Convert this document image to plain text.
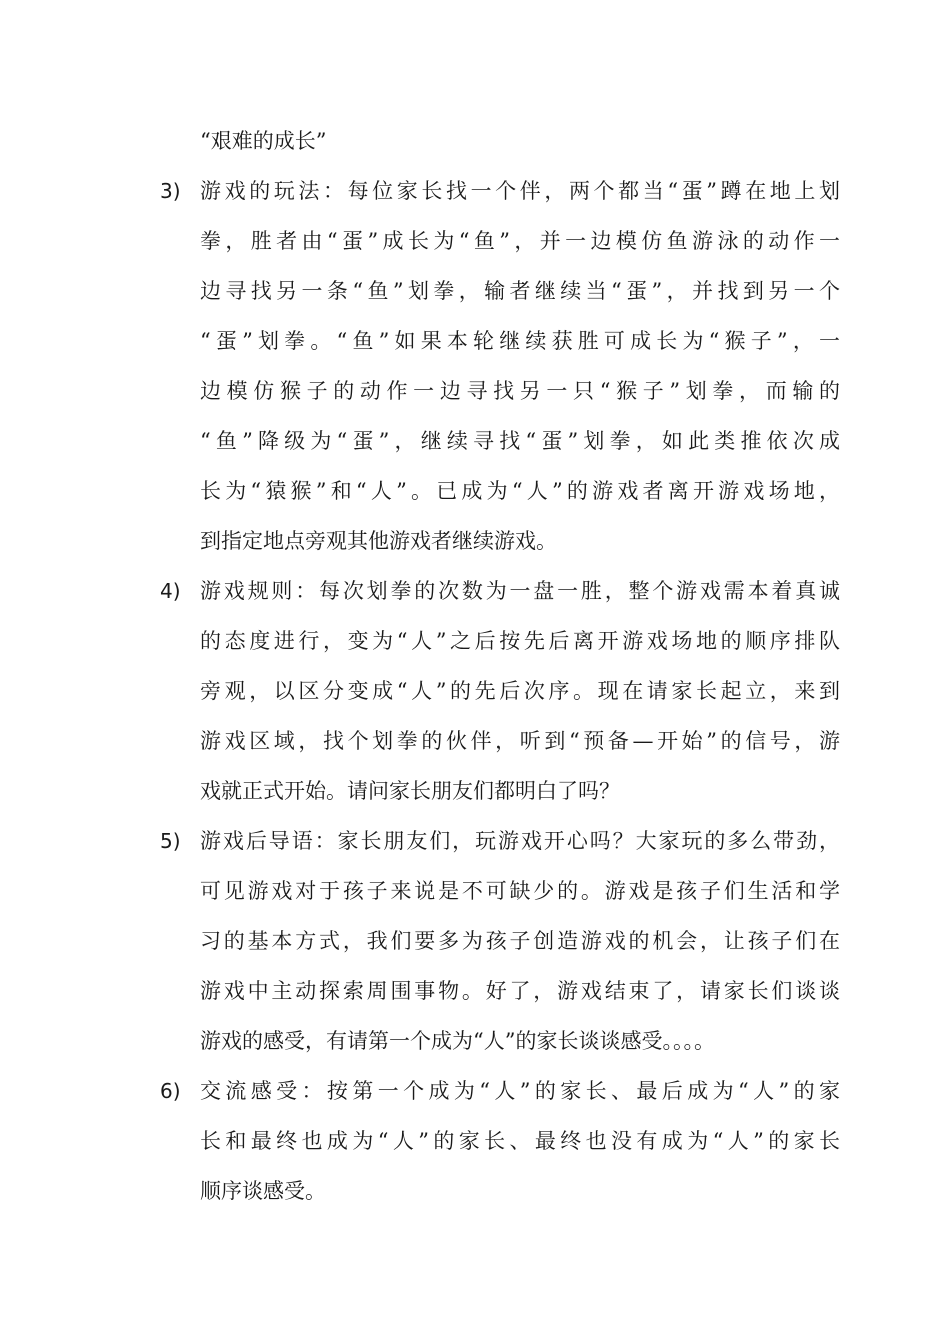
“艰难的成长”
3) 游戏的玩法：每位家长找一个伴，两个都当“蛋”蹲在地上划
拳，胜者由“蛋”成长为“鱼”，并一边模仿鱼游泳的动作一
边寻找另一条“鱼”划拳，输者继续当“蛋”，并找到另一个
“蛋”划拳。“鱼”如果本轮继续获胜可成长为“猴子”，一
边模仿猴子的动作一边寻找另一只“猴子”划拳，而输的
“鱼”降级为“蛋”，继续寻找“蛋”划拳，如此类推依次成
长为“猿猴”和“人”。已成为“人”的游戏者离开游戏场地，
到指定地点旁观其他游戏者继续游戏。
4) 游戏规则：每次划拳的次数为一盘一胜，整个游戏需本着真诚
的态度进行，变为“人”之后按先后离开游戏场地的顺序排队
旁观，以区分变成“人”的先后次序。现在请家长起立，来到
游戏区域，找个划拳的伙伴，听到“预备—开始”的信号，游
戏就正式开始。请问家长朋友们都明白了吗？
5) 游戏后导语：家长朋友们，玩游戏开心吗？大家玩的多么带劲，
可见游戏对于孩子来说是不可缺少的。游戏是孩子们生活和学
习的基本方式，我们要多为孩子创造游戏的机会，让孩子们在
游戏中主动探索周围事物。好了，游戏结束了，请家长们谈谈
游戏的感受，有请第一个成为“人”的家长谈谈感受。。。。
6) 交流感受：按第一个成为“人”的家长、最后成为“人”的家
长和最终也成为“人”的家长、最终也没有成为“人”的家长
顺序谈感受。
